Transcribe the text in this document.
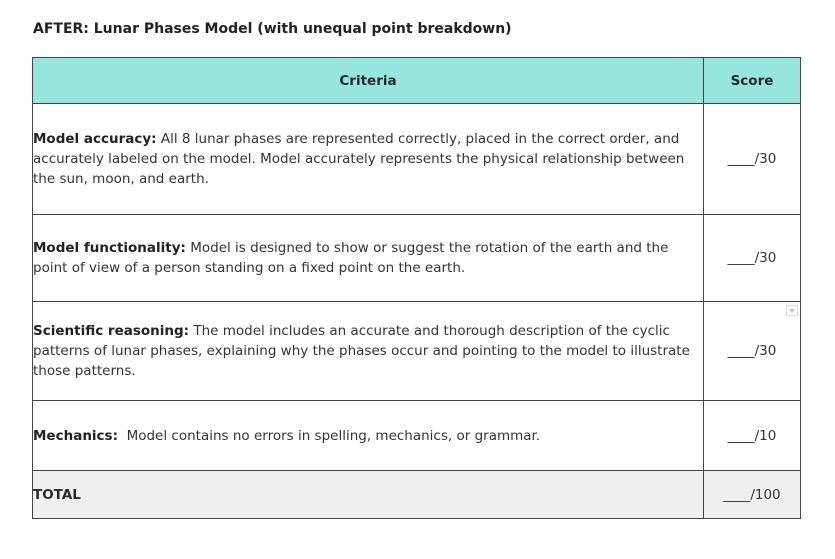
AFTER: Lunar Phases Model (with unequal point breakdown)
Criteria	Score
Model accuracy: All 8 lunar phases are represented correctly, placed in the correct order, and accurately labeled on the model. Model accurately represents the physical relationship between the sun, moon, and earth.	____/30
Model functionality: Model is designed to show or suggest the rotation of the earth and the point of view of a person standing on a fixed point on the earth.	____/30
Scientific reasoning: The model includes an accurate and thorough description of the cyclic patterns of lunar phases, explaining why the phases occur and pointing to the model to illustrate those patterns.	____/30

Mechanics:  Model contains no errors in spelling, mechanics, or grammar.	____/10
TOTAL	____/100
